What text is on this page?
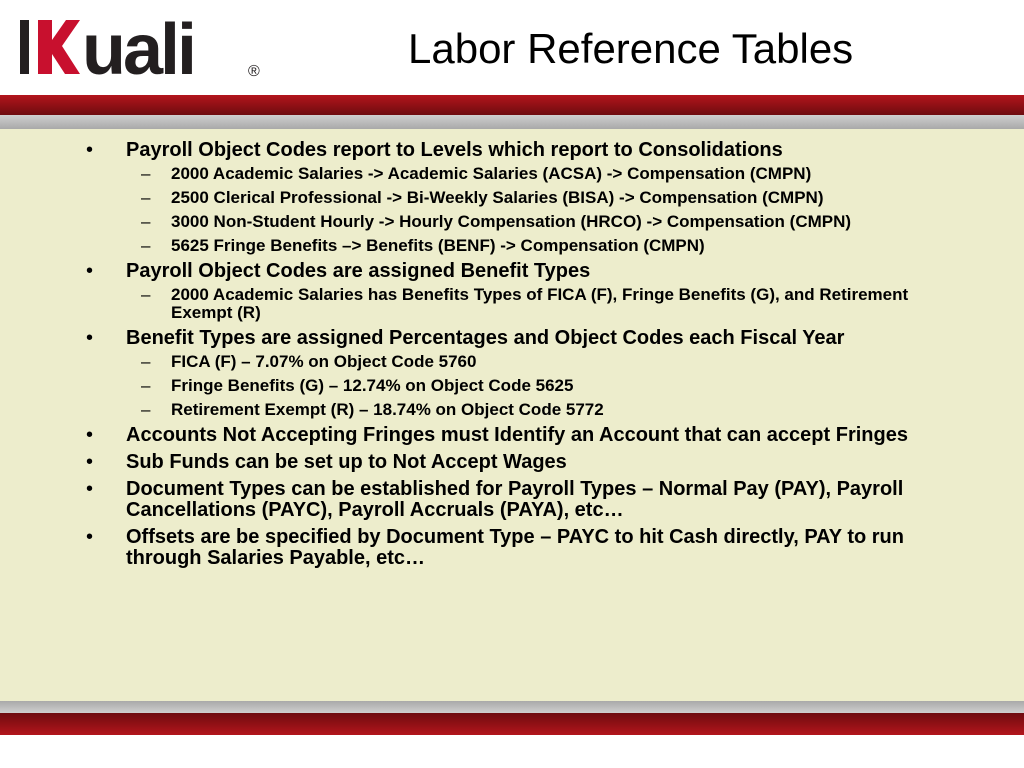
uali	®	Labor Reference Tables
•	Payroll Object Codes report to Levels which report to Consolidations
–	2000 Academic Salaries -> Academic Salaries (ACSA) -> Compensation (CMPN)
–	2500 Clerical Professional -> Bi-Weekly Salaries (BISA) -> Compensation (CMPN)
–	3000 Non-Student Hourly -> Hourly Compensation (HRCO) -> Compensation (CMPN)
–	5625 Fringe Benefits –> Benefits (BENF) -> Compensation (CMPN)
•	Payroll Object Codes are assigned Benefit Types
–	2000 Academic Salaries has Benefits Types of FICA (F), Fringe Benefits (G), and Retirement Exempt (R)
•	Benefit Types are assigned Percentages and Object Codes each Fiscal Year
–	FICA (F) – 7.07% on Object Code 5760
–	Fringe Benefits (G) – 12.74% on Object Code 5625
–	Retirement Exempt (R) – 18.74% on Object Code 5772
•	Accounts Not Accepting Fringes must Identify an Account that can accept Fringes
•	Sub Funds can be set up to Not Accept Wages
•	Document Types can be established for Payroll Types – Normal Pay (PAY), Payroll Cancellations (PAYC), Payroll Accruals (PAYA), etc…
•	Offsets are be specified by Document Type – PAYC to hit Cash directly, PAY to run through Salaries Payable, etc…
